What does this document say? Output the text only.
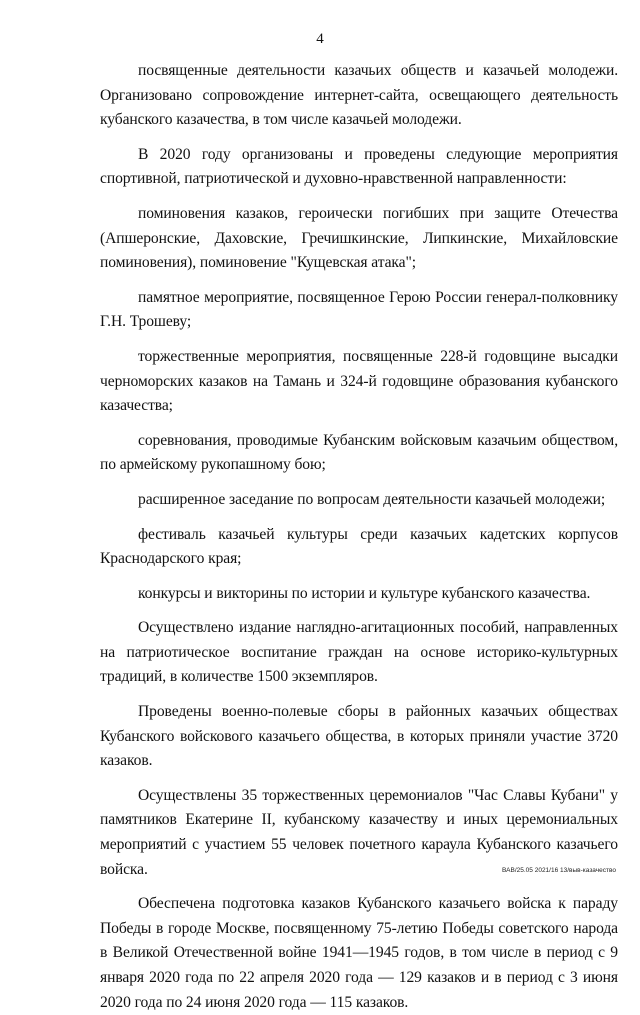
4

посвященные деятельности казачьих обществ и казачьей молодежи. Организовано сопровождение интернет-сайта, освещающего деятельность кубанского казачества, в том числе казачьей молодежи.

В 2020 году организованы и проведены следующие мероприятия спортивной, патриотической и духовно-нравственной направленности:

поминовения казаков, героически погибших при защите Отечества (Апшеронские, Даховские, Гречишкинские, Липкинские, Михайловские поминовения), поминовение "Кущевская атака";

памятное мероприятие, посвященное Герою России генерал-полковнику Г.Н. Трошеву;

торжественные мероприятия, посвященные 228-й годовщине высадки черноморских казаков на Тамань и 324-й годовщине образования кубанского казачества;

соревнования, проводимые Кубанским войсковым казачьим обществом, по армейскому рукопашному бою;

расширенное заседание по вопросам деятельности казачьей молодежи;

фестиваль казачьей культуры среди казачьих кадетских корпусов Краснодарского края;

конкурсы и викторины по истории и культуре кубанского казачества.

Осуществлено издание наглядно-агитационных пособий, направленных на патриотическое воспитание граждан на основе историко-культурных традиций, в количестве 1500 экземпляров.

Проведены военно-полевые сборы в районных казачьих обществах Кубанского войскового казачьего общества, в которых приняли участие 3720 казаков.

Осуществлены 35 торжественных церемониалов "Час Славы Кубани" у памятников Екатерине II, кубанскому казачеству и иных церемониальных мероприятий с участием 55 человек почетного караула Кубанского казачьего войска.

Обеспечена подготовка казаков Кубанского казачьего войска к параду Победы в городе Москве, посвященному 75-летию Победы советского народа в Великой Отечественной войне 1941—1945 годов, в том числе в период с 9 января 2020 года по 22 апреля 2020 года — 129 казаков и в период с 3 июня 2020 года по 24 июня 2020 года — 115 казаков.

ВАВ/25.05 2021/16 13/выв-казачество
